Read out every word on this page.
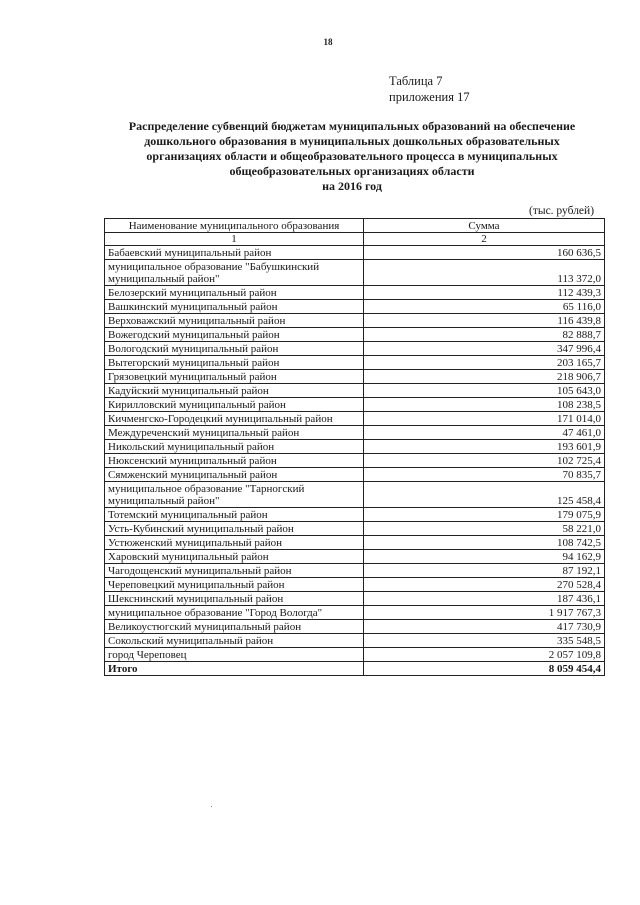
18
Таблица 7
приложения 17
Распределение субвенций бюджетам муниципальных образований на обеспечение
дошкольного образования в муниципальных дошкольных образовательных
организациях области и общеобразовательного процесса в муниципальных
общеобразовательных организациях области
на 2016 год
(тыс. рублей)
Наименование муниципального образования	Сумма
1	2
Бабаевский муниципальный район	160 636,5
муниципальное образование "Бабушкинский муниципальный район"	113 372,0
Белозерский муниципальный район	112 439,3
Вашкинский муниципальный район	65 116,0
Верховажский муниципальный район	116 439,8
Вожегодский муниципальный район	82 888,7
Вологодский муниципальный район	347 996,4
Вытегорский муниципальный район	203 165,7
Грязовецкий муниципальный район	218 906,7
Кадуйский муниципальный район	105 643,0
Кирилловский муниципальный район	108 238,5
Кичменгско-Городецкий муниципальный район	171 014,0
Междуреченский муниципальный район	47 461,0
Никольский муниципальный район	193 601,9
Нюксенский муниципальный район	102 725,4
Сямженский муниципальный район	70 835,7
муниципальное образование "Тарногский муниципальный район"	125 458,4
Тотемский муниципальный район	179 075,9
Усть-Кубинский муниципальный район	58 221,0
Устюженский муниципальный район	108 742,5
Харовский муниципальный район	94 162,9
Чагодощенский муниципальный район	87 192,1
Череповецкий муниципальный район	270 528,4
Шекснинский муниципальный район	187 436,1
муниципальное образование "Город Вологда"	1 917 767,3
Великоустюгский муниципальный район	417 730,9
Сокольский муниципальный район	335 548,5
город Череповец	2 057 109,8
Итого	8 059 454,4
